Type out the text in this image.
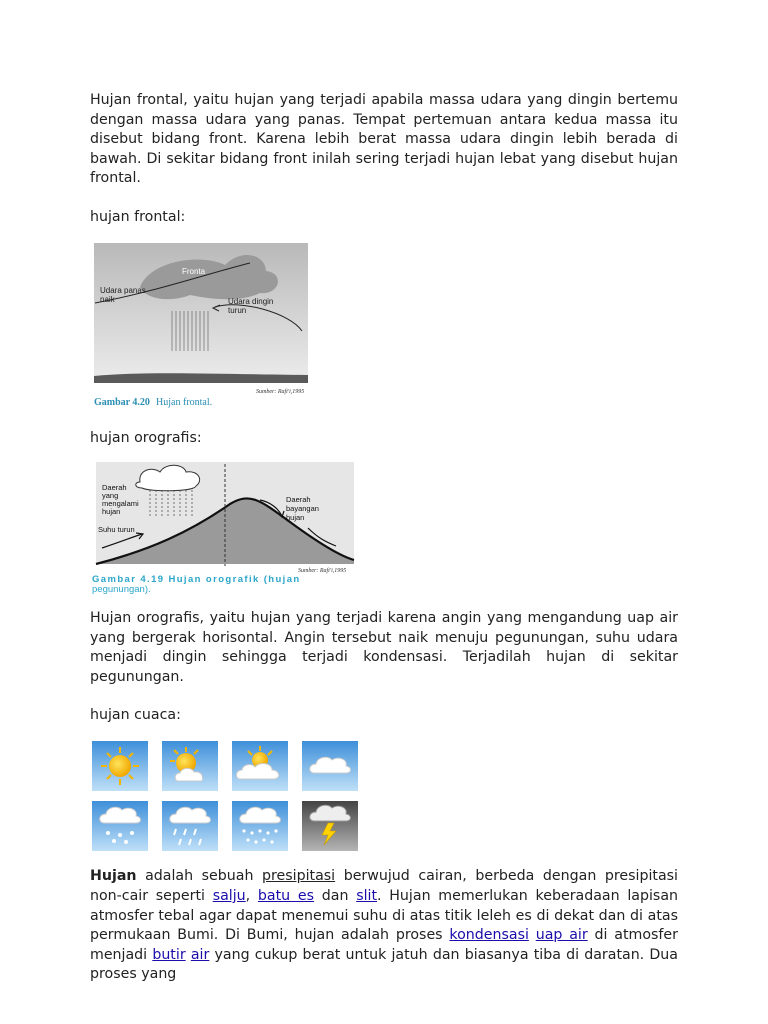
Hujan frontal, yaitu hujan yang terjadi apabila massa udara yang dingin bertemu dengan massa udara yang panas. Tempat pertemuan antara kedua massa itu disebut bidang front. Karena lebih berat massa udara dingin lebih berada di bawah. Di sekitar bidang front inilah sering terjadi hujan lebat yang disebut hujan frontal.

hujan frontal:

Fronta
Udara panas
naik	Udara dingin
turun
Sumber: Rafi'i,1995
Gambar 4.20 Hujan frontal.

hujan orografis:

Daerah
yang
mengalami
hujan
Suhu turun
Daerah
bayangan
hujan
Sumber: Rafi'i,1995
Gambar 4.19 Hujan orografik (hujan
pegunungan).

Hujan orografis, yaitu hujan yang terjadi karena angin yang mengandung uap air yang bergerak horisontal. Angin tersebut naik menuju pegunungan, suhu udara menjadi dingin sehingga terjadi kondensasi. Terjadilah hujan di sekitar pegunungan.

hujan cuaca:

Hujan adalah sebuah presipitasi berwujud cairan, berbeda dengan presipitasi non-cair seperti salju, batu es dan slit. Hujan memerlukan keberadaan lapisan atmosfer tebal agar dapat menemui suhu di atas titik leleh es di dekat dan di atas permukaan Bumi. Di Bumi, hujan adalah proses kondensasi uap air di atmosfer menjadi butir air yang cukup berat untuk jatuh dan biasanya tiba di daratan. Dua proses yang
